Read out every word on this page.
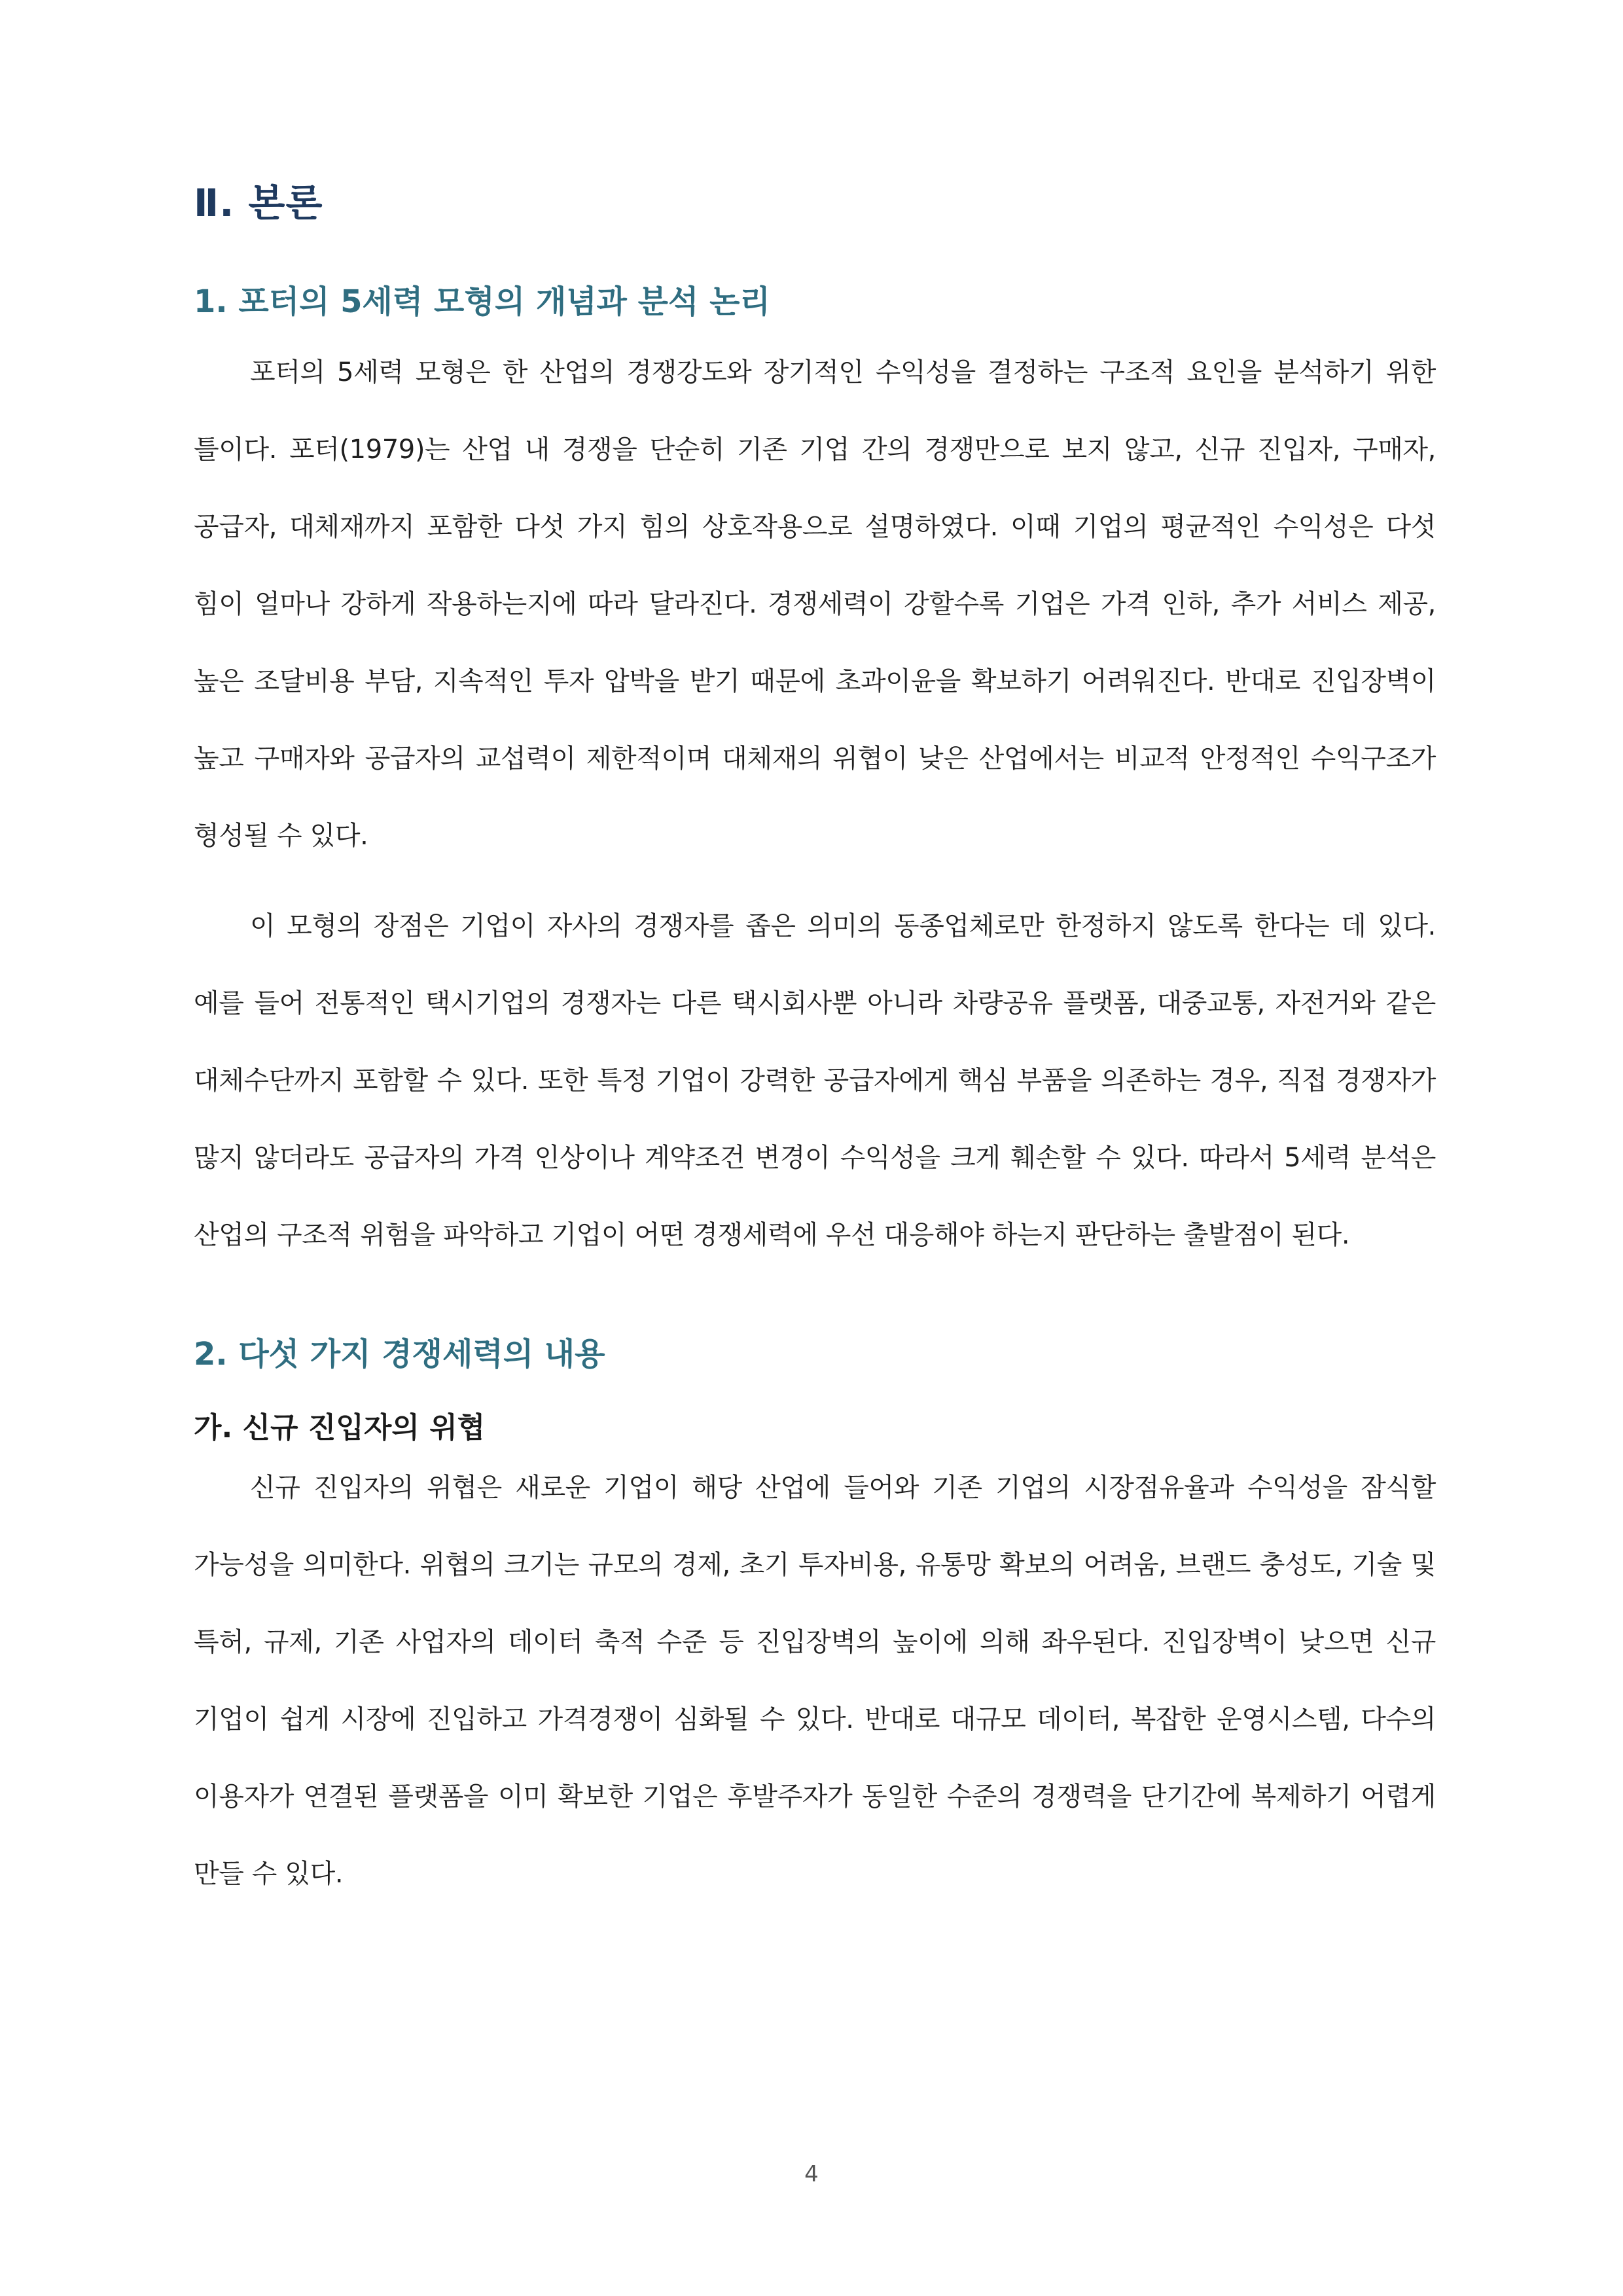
Ⅱ. 본론
1. 포터의 5세력 모형의 개념과 분석 논리

포터의 5세력 모형은 한 산업의 경쟁강도와 장기적인 수익성을 결정하는 구조적 요인을 분석하기 위한 틀이다. 포터(1979)는 산업 내 경쟁을 단순히 기존 기업 간의 경쟁만으로 보지 않고, 신규 진입자, 구매자, 공급자, 대체재까지 포함한 다섯 가지 힘의 상호작용으로 설명하였다. 이때 기업의 평균적인 수익성은 다섯 힘이 얼마나 강하게 작용하는지에 따라 달라진다. 경쟁세력이 강할수록 기업은 가격 인하, 추가 서비스 제공, 높은 조달비용 부담, 지속적인 투자 압박을 받기 때문에 초과이윤을 확보하기 어려워진다. 반대로 진입장벽이 높고 구매자와 공급자의 교섭력이 제한적이며 대체재의 위협이 낮은 산업에서는 비교적 안정적인 수익구조가 형성될 수 있다.

이 모형의 장점은 기업이 자사의 경쟁자를 좁은 의미의 동종업체로만 한정하지 않도록 한다는 데 있다. 예를 들어 전통적인 택시기업의 경쟁자는 다른 택시회사뿐 아니라 차량공유 플랫폼, 대중교통, 자전거와 같은 대체수단까지 포함할 수 있다. 또한 특정 기업이 강력한 공급자에게 핵심 부품을 의존하는 경우, 직접 경쟁자가 많지 않더라도 공급자의 가격 인상이나 계약조건 변경이 수익성을 크게 훼손할 수 있다. 따라서 5세력 분석은 산업의 구조적 위험을 파악하고 기업이 어떤 경쟁세력에 우선 대응해야 하는지 판단하는 출발점이 된다.

2. 다섯 가지 경쟁세력의 내용
가. 신규 진입자의 위협

신규 진입자의 위협은 새로운 기업이 해당 산업에 들어와 기존 기업의 시장점유율과 수익성을 잠식할 가능성을 의미한다. 위협의 크기는 규모의 경제, 초기 투자비용, 유통망 확보의 어려움, 브랜드 충성도, 기술 및 특허, 규제, 기존 사업자의 데이터 축적 수준 등 진입장벽의 높이에 의해 좌우된다. 진입장벽이 낮으면 신규 기업이 쉽게 시장에 진입하고 가격경쟁이 심화될 수 있다. 반대로 대규모 데이터, 복잡한 운영시스템, 다수의 이용자가 연결된 플랫폼을 이미 확보한 기업은 후발주자가 동일한 수준의 경쟁력을 단기간에 복제하기 어렵게 만들 수 있다.

4
